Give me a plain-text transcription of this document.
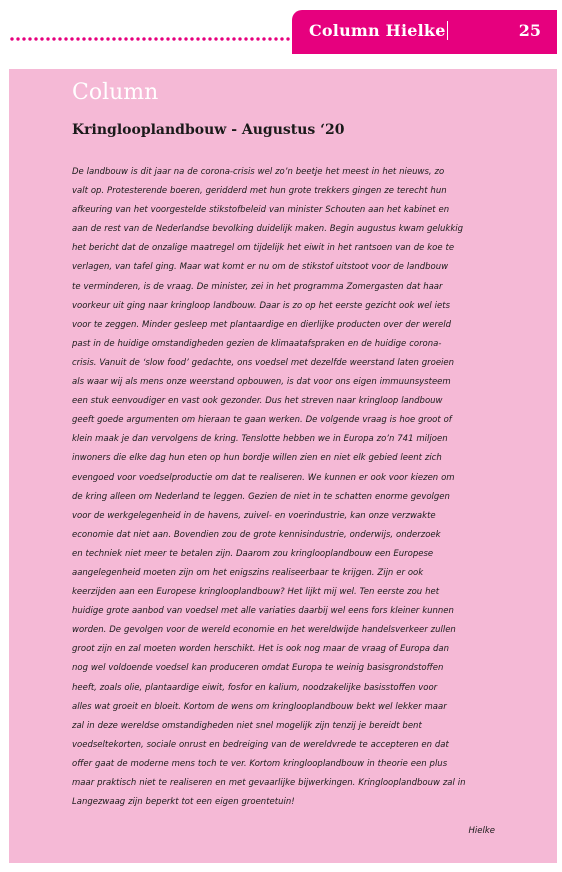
Column Hielke	25
Column
Kringlooplandbouw - Augustus ‘20
De landbouw is dit jaar na de corona-crisis wel zo’n beetje het meest in het nieuws, zo
valt op. Protesterende boeren, geridderd met hun grote trekkers gingen ze terecht hun
afkeuring van het voorgestelde stikstofbeleid van minister Schouten aan het kabinet en
aan de rest van de Nederlandse bevolking duidelijk maken. Begin augustus kwam gelukkig
het bericht dat de onzalige maatregel om tijdelijk het eiwit in het rantsoen van de koe te
verlagen, van tafel ging. Maar wat komt er nu om de stikstof uitstoot voor de landbouw
te verminderen, is de vraag. De minister, zei in het programma Zomergasten dat haar
voorkeur uit ging naar kringloop landbouw. Daar is zo op het eerste gezicht ook wel iets
voor te zeggen. Minder gesleep met plantaardige en dierlijke producten over der wereld
past in de huidige omstandigheden gezien de klimaatafspraken en de huidige corona-
crisis. Vanuit de ‘slow food’ gedachte, ons voedsel met dezelfde weerstand laten groeien
als waar wij als mens onze weerstand opbouwen, is dat voor ons eigen immuunsysteem
een stuk eenvoudiger en vast ook gezonder. Dus het streven naar kringloop landbouw
geeft goede argumenten om hieraan te gaan werken. De volgende vraag is hoe groot of
klein maak je dan vervolgens de kring. Tenslotte hebben we in Europa zo’n 741 miljoen
inwoners die elke dag hun eten op hun bordje willen zien en niet elk gebied leent zich
evengoed voor voedselproductie om dat te realiseren. We kunnen er ook voor kiezen om
de kring alleen om Nederland te leggen. Gezien de niet in te schatten enorme gevolgen
voor de werkgelegenheid in de havens, zuivel- en voerindustrie, kan onze verzwakte
economie dat niet aan. Bovendien zou de grote kennisindustrie, onderwijs, onderzoek
en techniek niet meer te betalen zijn. Daarom zou kringlooplandbouw een Europese
aangelegenheid moeten zijn om het enigszins realiseerbaar te krijgen. Zijn er ook
keerzijden aan een Europese kringlooplandbouw? Het lijkt mij wel. Ten eerste zou het
huidige grote aanbod van voedsel met alle variaties daarbij wel eens fors kleiner kunnen
worden. De gevolgen voor de wereld economie en het wereldwijde handelsverkeer zullen
groot zijn en zal moeten worden herschikt. Het is ook nog maar de vraag of Europa dan
nog wel voldoende voedsel kan produceren omdat Europa te weinig basisgrondstoffen
heeft, zoals olie, plantaardige eiwit, fosfor en kalium, noodzakelijke basisstoffen voor
alles wat groeit en bloeit. Kortom de wens om kringlooplandbouw bekt wel lekker maar
zal in deze wereldse omstandigheden niet snel mogelijk zijn tenzij je bereidt bent
voedseltekorten, sociale onrust en bedreiging van de wereldvrede te accepteren en dat
offer gaat de moderne mens toch te ver. Kortom kringlooplandbouw in theorie een plus
maar praktisch niet te realiseren en met gevaarlijke bijwerkingen. Kringlooplandbouw zal in
Langezwaag zijn beperkt tot een eigen groentetuin!
Hielke
